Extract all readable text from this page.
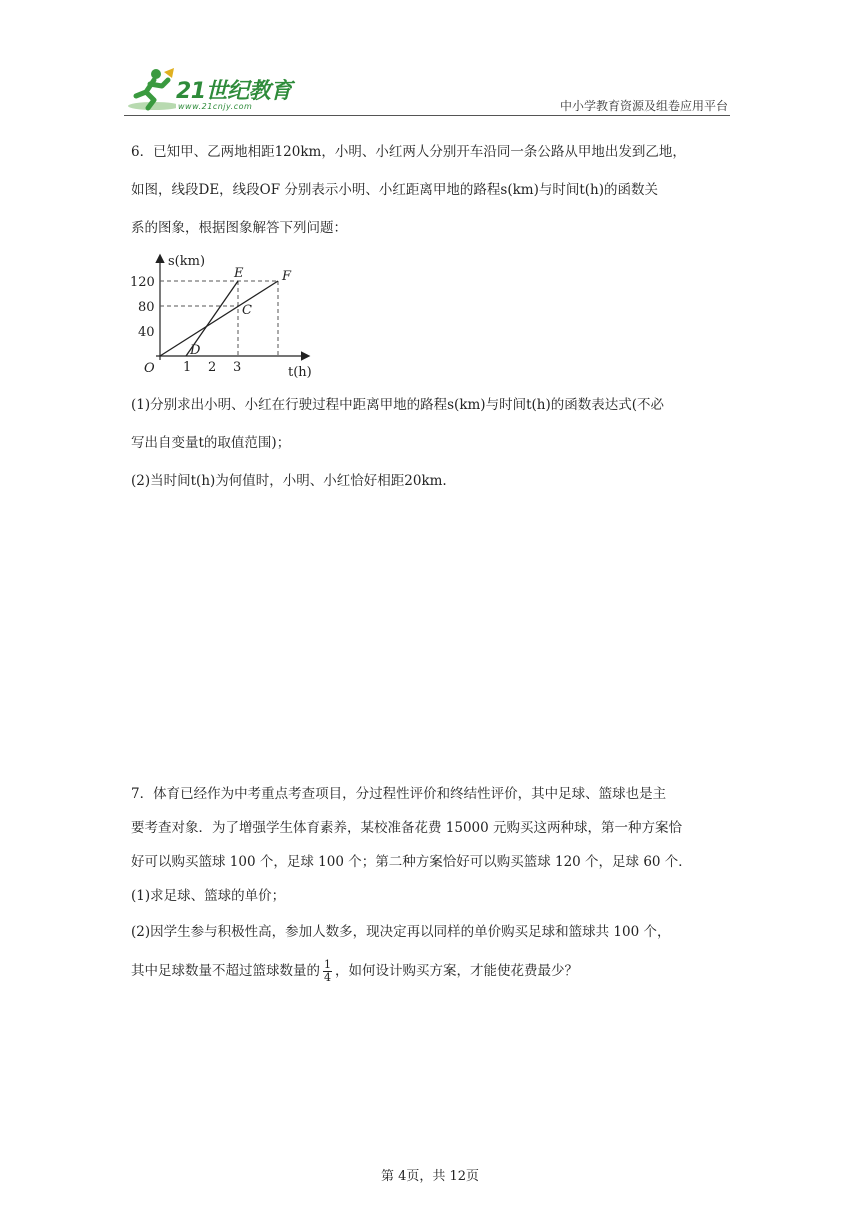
21世纪教育
www.21cnjy.com	中小学教育资源及组卷应用平台
6．已知甲、乙两地相距120km，小明、小红两人分别开车沿同一条公路从甲地出发到乙地，
如图，线段DE，线段OF 分别表示小明、小红距离甲地的路程s(km)与时间t(h)的函数关
系的图象，根据图象解答下列问题：
s(km)
t(h)
O
120
80
40
1 2 3
E	F
C
D
(1)分别求出小明、小红在行驶过程中距离甲地的路程s(km)与时间t(h)的函数表达式(不必
写出自变量t的取值范围)；
(2)当时间t(h)为何值时，小明、小红恰好相距20km.
7．体育已经作为中考重点考查项目，分过程性评价和终结性评价，其中足球、篮球也是主
要考查对象．为了增强学生体育素养，某校准备花费 15000 元购买这两种球，第一种方案恰
好可以购买篮球 100 个，足球 100 个；第二种方案恰好可以购买篮球 120 个，足球 60 个．
(1)求足球、篮球的单价；
(2)因学生参与积极性高，参加人数多，现决定再以同样的单价购买足球和篮球共 100 个，
其中足球数量不超过篮球数量的 $\frac{1}{4}$ ，如何设计购买方案，才能使花费最少？
第 4页，共 12页
